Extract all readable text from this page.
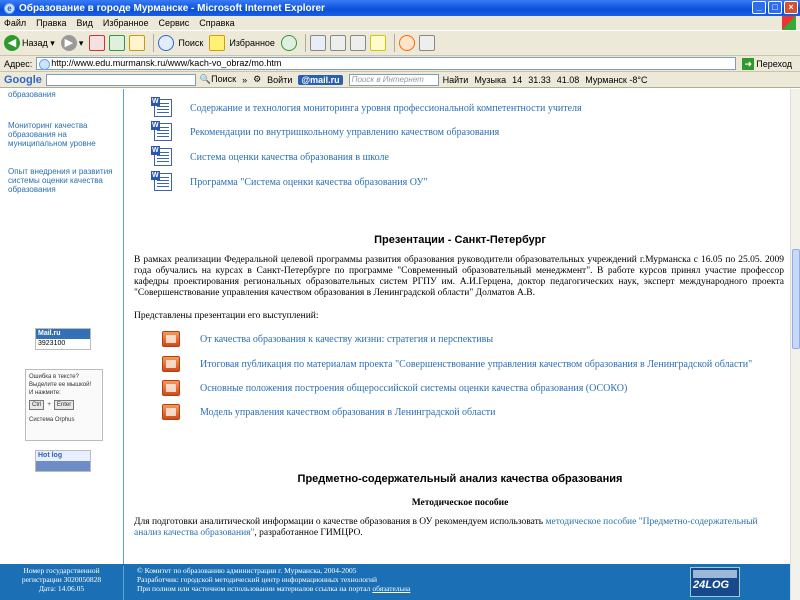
e Образование в городе Мурманске - Microsoft Internet Explorer	_	□	×
Файл Правка Вид Избранное Сервис Справка
◀ Назад ▾ ▶ ▾	Поиск	Избранное
Адрес:	http://www.edu.murmansk.ru/www/kach-vo_obraz/mo.htm	➜ Переход
Google	🔍Поиск » ⚙ Войти	@mail.ru	Поиск в Интернет	Найти Музыка 14 31.33 41.08 Мурманск -8°C
образования
Мониторинг качества образования на муниципальном уровне
Опыт внедрения и развития системы оценки качества образования
Mail.ru
3923100
Ошибка в тексте?
Выделите ее мышкой!
И нажмите:
Ctrl	+	Enter
Система Orphus
Hot log

W
Содержание и технология мониторинга уровня профессиональной компетентности учителя
W
Рекомендации по внутришкольному управлению качеством образования
W
Система оценки качества образования в школе
W
Программа "Система оценки качества образования ОУ"
Презентации - Санкт-Петербург
В рамках реализации Федеральной целевой программы развития образования руководители образовательных учреждений г.Мурманска с 16.05 по 25.05. 2009 года обучались на курсах в Санкт-Петербурге по программе "Современный образовательный менеджмент". В работе курсов принял участие профессор кафедры проектирования региональных образовательных систем РГПУ им. А.И.Герцена, доктор педагогических наук, эксперт международного проекта "Совершенствование управления качеством образования в Ленинградской области" Долматов А.В.
Представлены презентации его выступлений:
От качества образования к качеству жизни: стратегия и перспективы
Итоговая публикация по материалам проекта "Совершенствование управления качеством образования в Ленинградской области"
Основные положения построения общероссийской системы оценки качества образования (ОСОКО)
Модель управления качеством образования в Ленинградской области
Предметно-содержательный анализ качества образования
Методическое пособие
Для подготовки аналитической информации о качестве образования в ОУ рекомендуем использовать методическое пособие "Предметно-содержательный анализ качества образования", разработанное ГИМЦРО.
Номер государственной
регистрации 3020050828
Дата: 14.06.05
© Комитет по образованию администрации г. Мурманска, 2004-2005
Разработчик: городской методический центр информационных технологий
При полном или частичном использовании материалов ссылка на портал обязательна	24LOG
